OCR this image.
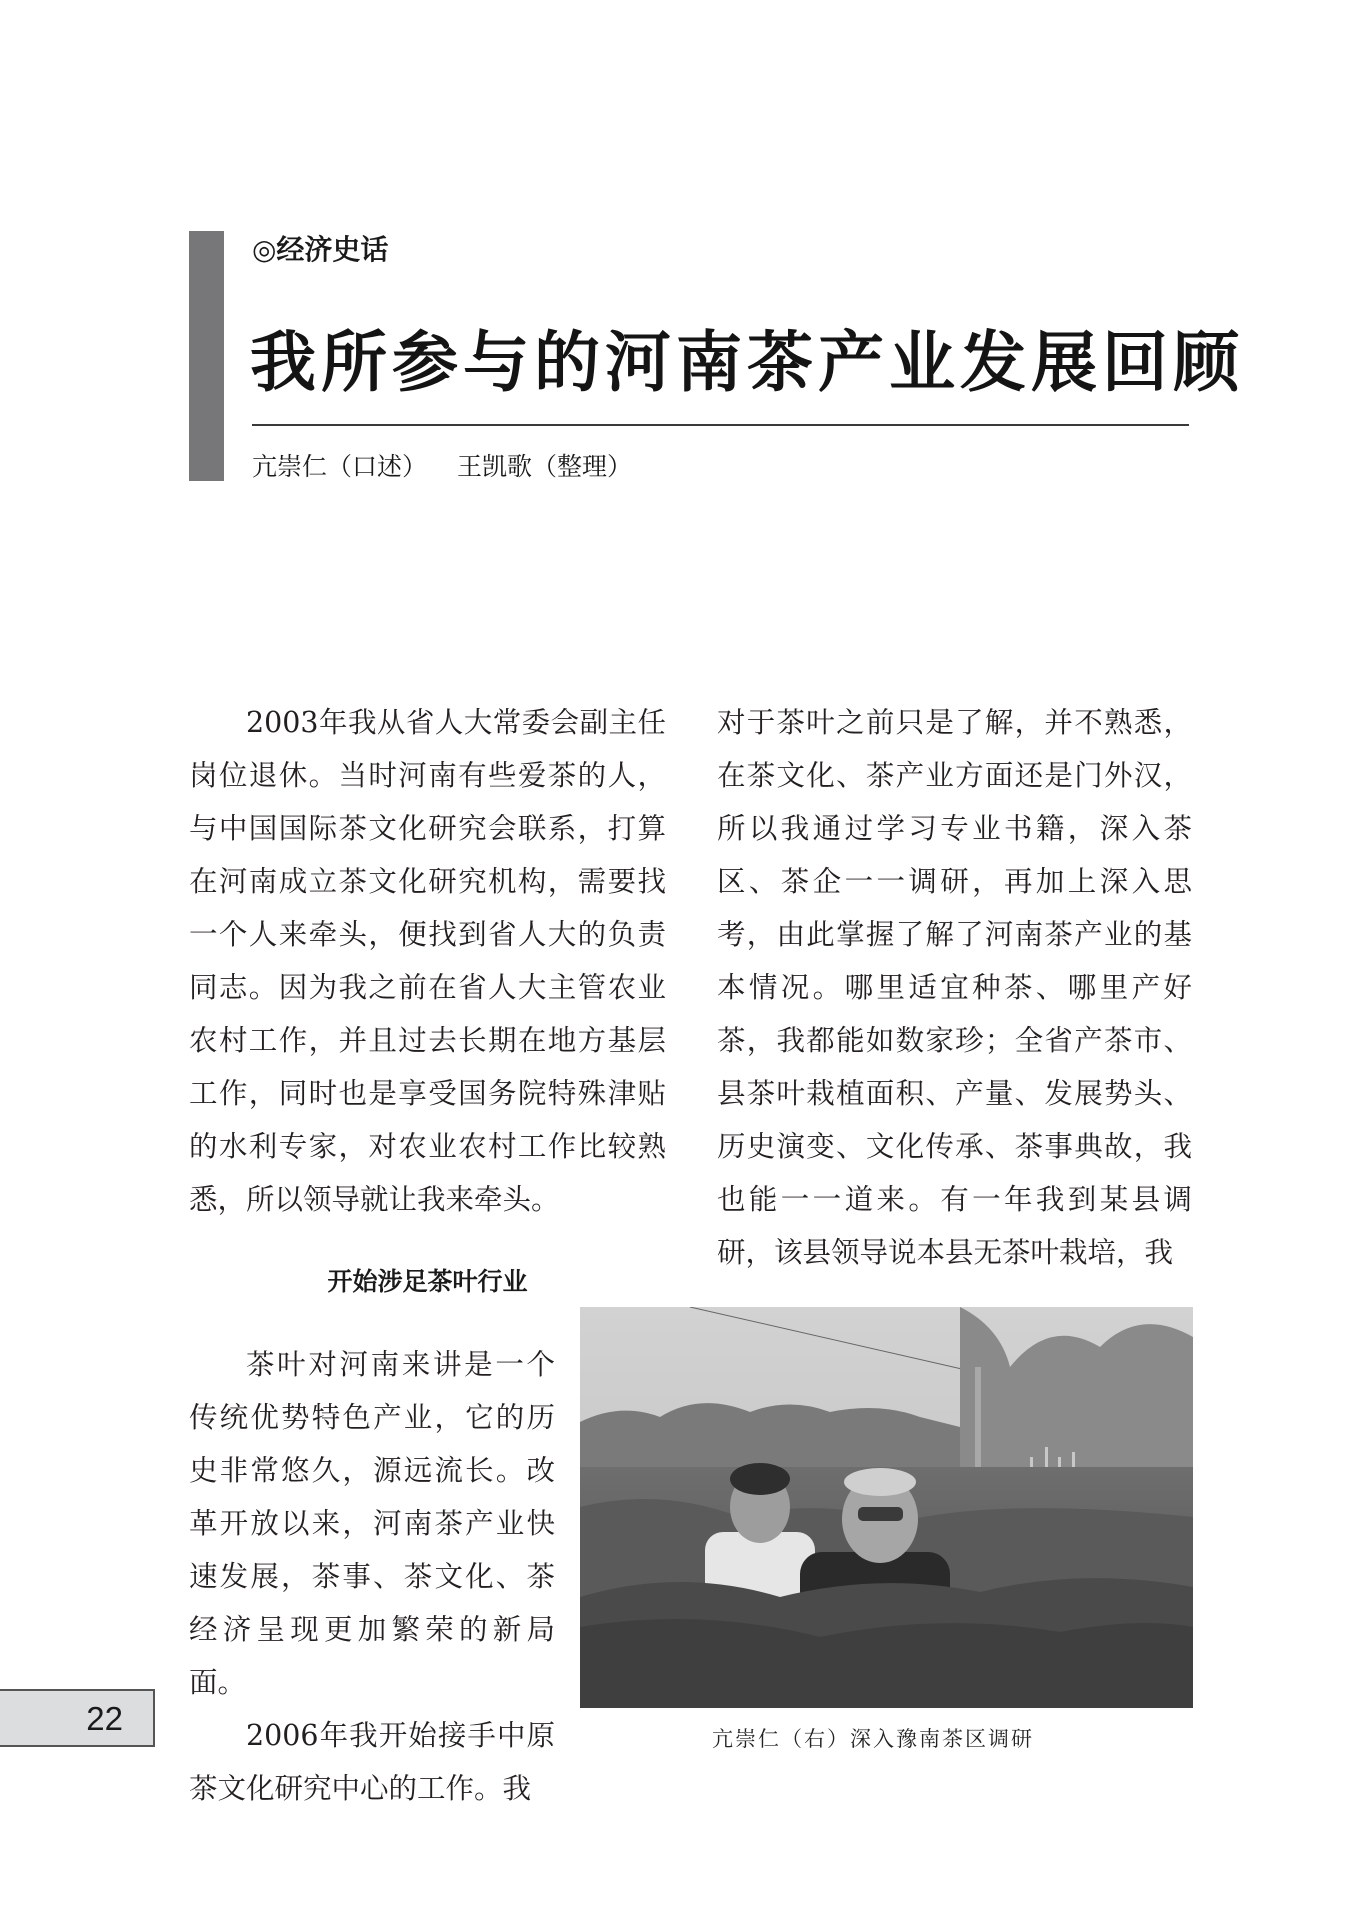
◎经济史话
我所参与的河南茶产业发展回顾
亢崇仁（口述） 王凯歌（整理）

2003年我从省人大常委会副主任岗位退休。当时河南有些爱茶的人，与中国国际茶文化研究会联系，打算在河南成立茶文化研究机构，需要找一个人来牵头，便找到省人大的负责同志。因为我之前在省人大主管农业农村工作，并且过去长期在地方基层工作，同时也是享受国务院特殊津贴的水利专家，对农业农村工作比较熟悉，所以领导就让我来牵头。

开始涉足茶叶行业

茶叶对河南来讲是一个传统优势特色产业，它的历史非常悠久，源远流长。改革开放以来，河南茶产业快速发展，茶事、茶文化、茶经济呈现更加繁荣的新局面。

2006年我开始接手中原茶文化研究中心的工作。我

对于茶叶之前只是了解，并不熟悉，在茶文化、茶产业方面还是门外汉，所以我通过学习专业书籍，深入茶区、茶企一一调研，再加上深入思考，由此掌握了解了河南茶产业的基本情况。哪里适宜种茶、哪里产好茶，我都能如数家珍；全省产茶市、县茶叶栽植面积、产量、发展势头、历史演变、文化传承、茶事典故，我也能一一道来。有一年我到某县调研，该县领导说本县无茶叶栽培，我

亢崇仁（右）深入豫南茶区调研
22
